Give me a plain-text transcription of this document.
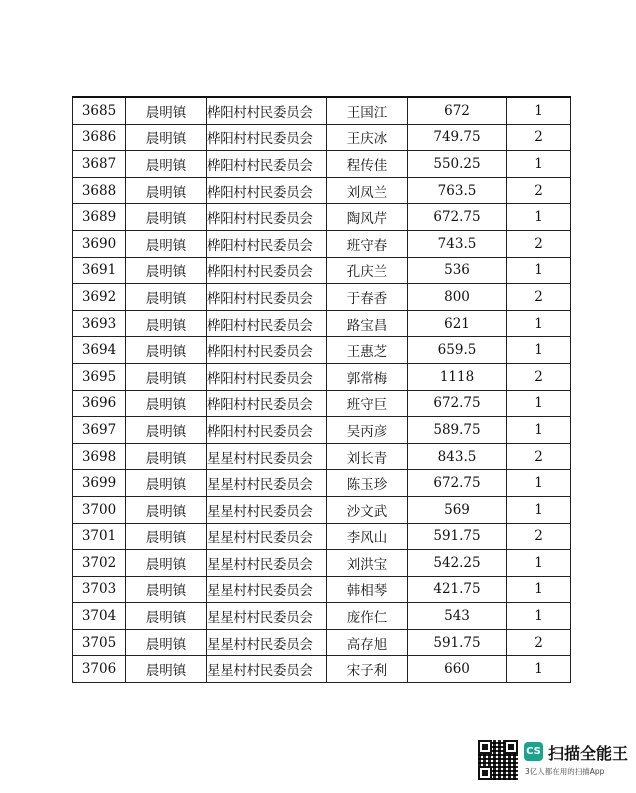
3685	晨明镇	桦阳村村民委员会	王国江	672	1
3686	晨明镇	桦阳村村民委员会	王庆冰	749.75	2
3687	晨明镇	桦阳村村民委员会	程传佳	550.25	1
3688	晨明镇	桦阳村村民委员会	刘凤兰	763.5	2
3689	晨明镇	桦阳村村民委员会	陶风芹	672.75	1
3690	晨明镇	桦阳村村民委员会	班守春	743.5	2
3691	晨明镇	桦阳村村民委员会	孔庆兰	536	1
3692	晨明镇	桦阳村村民委员会	于春香	800	2
3693	晨明镇	桦阳村村民委员会	路宝昌	621	1
3694	晨明镇	桦阳村村民委员会	王惠芝	659.5	1
3695	晨明镇	桦阳村村民委员会	郭常梅	1118	2
3696	晨明镇	桦阳村村民委员会	班守巨	672.75	1
3697	晨明镇	桦阳村村民委员会	吴丙彦	589.75	1
3698	晨明镇	星星村村民委员会	刘长青	843.5	2
3699	晨明镇	星星村村民委员会	陈玉珍	672.75	1
3700	晨明镇	星星村村民委员会	沙文武	569	1
3701	晨明镇	星星村村民委员会	李风山	591.75	2
3702	晨明镇	星星村村民委员会	刘洪宝	542.25	1
3703	晨明镇	星星村村民委员会	韩相琴	421.75	1
3704	晨明镇	星星村村民委员会	庞作仁	543	1
3705	晨明镇	星星村村民委员会	高存旭	591.75	2
3706	晨明镇	星星村村民委员会	宋子利	660	1
CS 扫描全能王
3亿人都在用的扫描App
